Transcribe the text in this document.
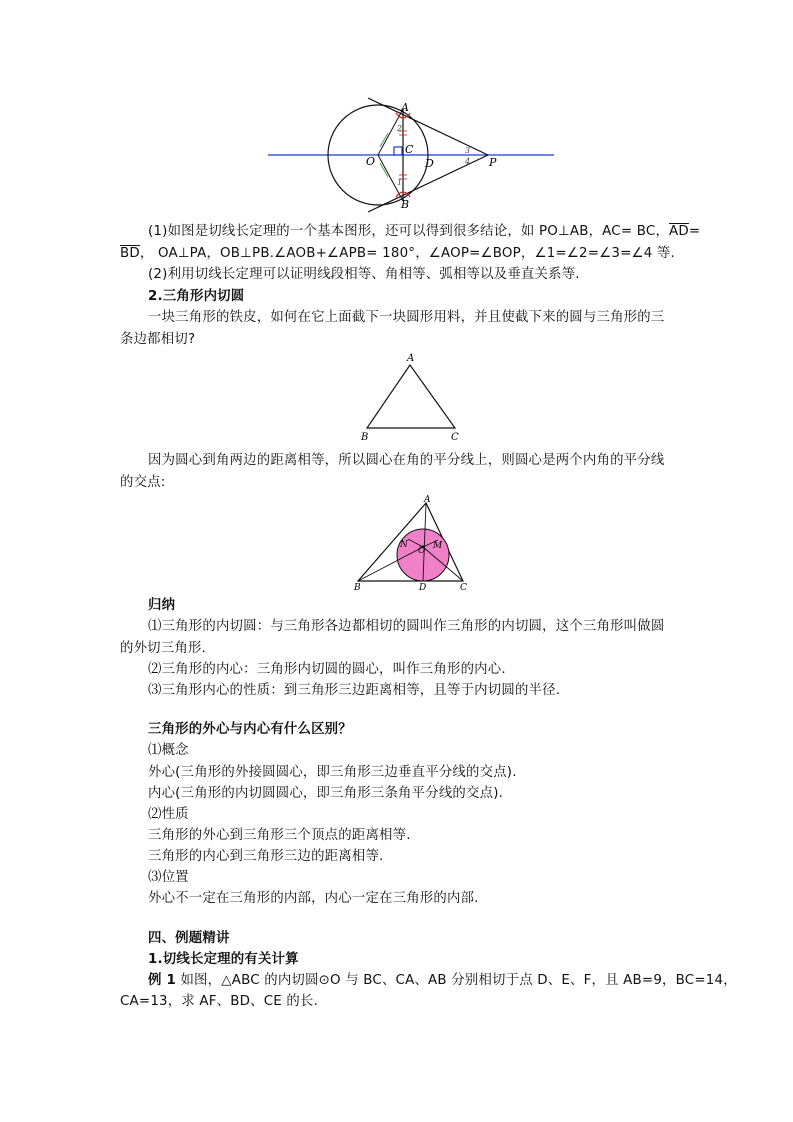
A
B
O
C
D	P
1
2
3
4
(1)如图是切线长定理的一个基本图形，还可以得到很多结论，如 PO⊥AB，AC= BC，$\overline{AD}=$
$\overline{BD}$， OA⊥PA，OB⊥PB.∠AOB+∠APB= 180°，∠AOP=∠BOP，∠1=∠2=∠3=∠4 等.
(2)利用切线长定理可以证明线段相等、角相等、弧相等以及垂直关系等.
2.三角形内切圆
一块三角形的铁皮，如何在它上面截下一块圆形用料，并且使截下来的圆与三角形的三
条边都相切?
A
B	C
因为圆心到角两边的距离相等，所以圆心在角的平分线上，则圆心是两个内角的平分线
的交点:
A
B	C
D
N
O M
归纳
⑴三角形的内切圆：与三角形各边都相切的圆叫作三角形的内切圆，这个三角形叫做圆
的外切三角形.
⑵三角形的内心：三角形内切圆的圆心，叫作三角形的内心.
⑶三角形内心的性质：到三角形三边距离相等，且等于内切圆的半径.
三角形的外心与内心有什么区别？
⑴概念
外心(三角形的外接圆圆心，即三角形三边垂直平分线的交点).
内心(三角形的内切圆圆心，即三角形三条角平分线的交点).
⑵性质
三角形的外心到三角形三个顶点的距离相等.
三角形的内心到三角形三边的距离相等.
⑶位置
外心不一定在三角形的内部，内心一定在三角形的内部.
四、例题精讲
1.切线长定理的有关计算
例 1 如图，△ABC 的内切圆⊙O 与 BC、CA、AB 分别相切于点 D、E、F，且 AB=9，BC=14，
CA=13，求 AF、BD、CE 的长.
